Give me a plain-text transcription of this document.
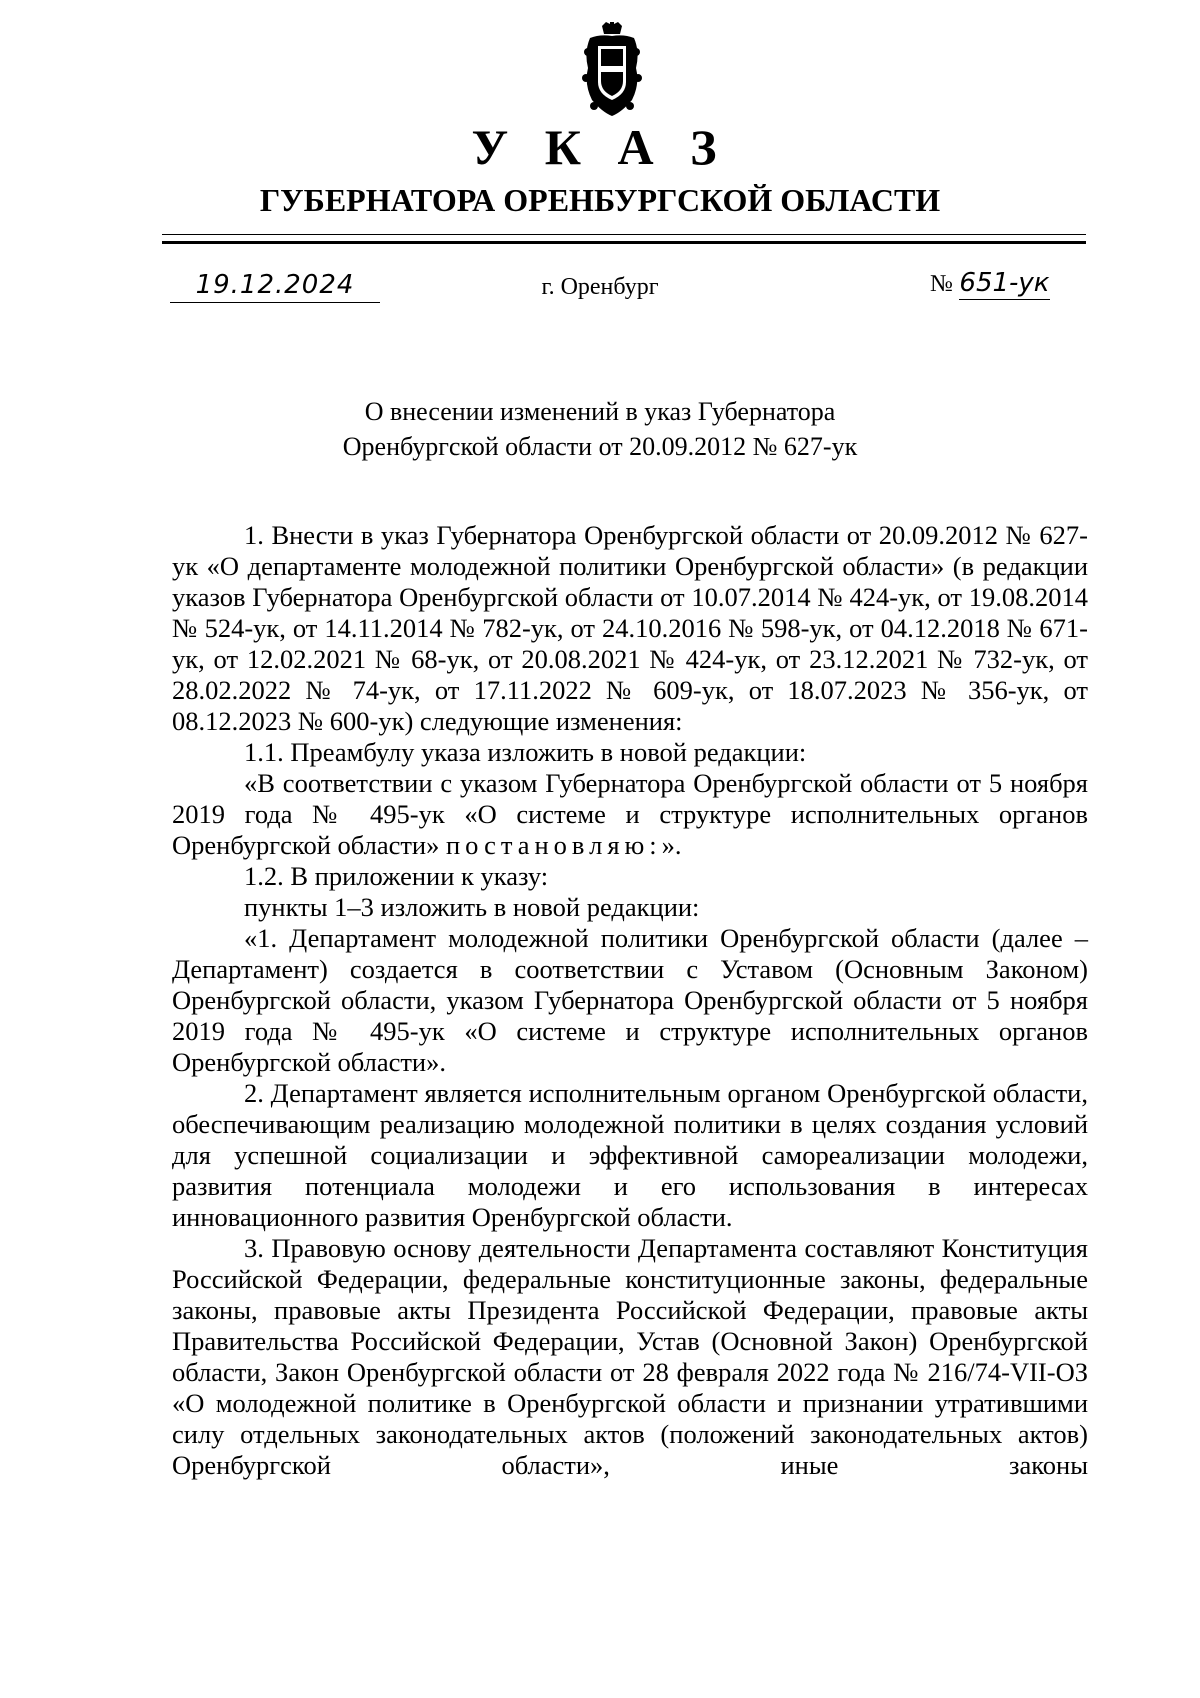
У К А З
ГУБЕРНАТОРА ОРЕНБУРГСКОЙ ОБЛАСТИ
19.12.2024	г. Оренбург	№ 651-ук
О внесении изменений в указ Губернатора
Оренбургской области от 20.09.2012 № 627-ук

1. Внести в указ Губернатора Оренбургской области от 20.09.2012 № 627-ук «О департаменте молодежной политики Оренбургской области» (в редакции указов Губернатора Оренбургской области от 10.07.2014 № 424-ук, от 19.08.2014 № 524-ук, от 14.11.2014 № 782-ук, от 24.10.2016 № 598-ук, от 04.12.2018 № 671-ук, от 12.02.2021 № 68-ук, от 20.08.2021 № 424-ук, от 23.12.2021 № 732-ук, от 28.02.2022 № 74-ук, от 17.11.2022 № 609-ук, от 18.07.2023 № 356-ук, от 08.12.2023 № 600-ук) следующие изменения:

1.1. Преамбулу указа изложить в новой редакции:

«В соответствии с указом Губернатора Оренбургской области от 5 ноября 2019 года № 495-ук «О системе и структуре исполнительных органов Оренбургской области» постановляю:».

1.2. В приложении к указу:

пункты 1–3 изложить в новой редакции:

«1. Департамент молодежной политики Оренбургской области (далее – Департамент) создается в соответствии с Уставом (Основным Законом) Оренбургской области, указом Губернатора Оренбургской области от 5 ноября 2019 года № 495-ук «О системе и структуре исполнительных органов Оренбургской области».

2. Департамент является исполнительным органом Оренбургской области, обеспечивающим реализацию молодежной политики в целях создания условий для успешной социализации и эффективной самореализации молодежи, развития потенциала молодежи и его использования в интересах инновационного развития Оренбургской области.

3. Правовую основу деятельности Департамента составляют Конституция Российской Федерации, федеральные конституционные законы, федеральные законы, правовые акты Президента Российской Федерации, правовые акты Правительства Российской Федерации, Устав (Основной Закон) Оренбургской области, Закон Оренбургской области от 28 февраля 2022 года № 216/74-VII-ОЗ «О молодежной политике в Оренбургской области и признании утратившими силу отдельных законодательных актов (положений законодательных актов) Оренбургской области», иные законы
